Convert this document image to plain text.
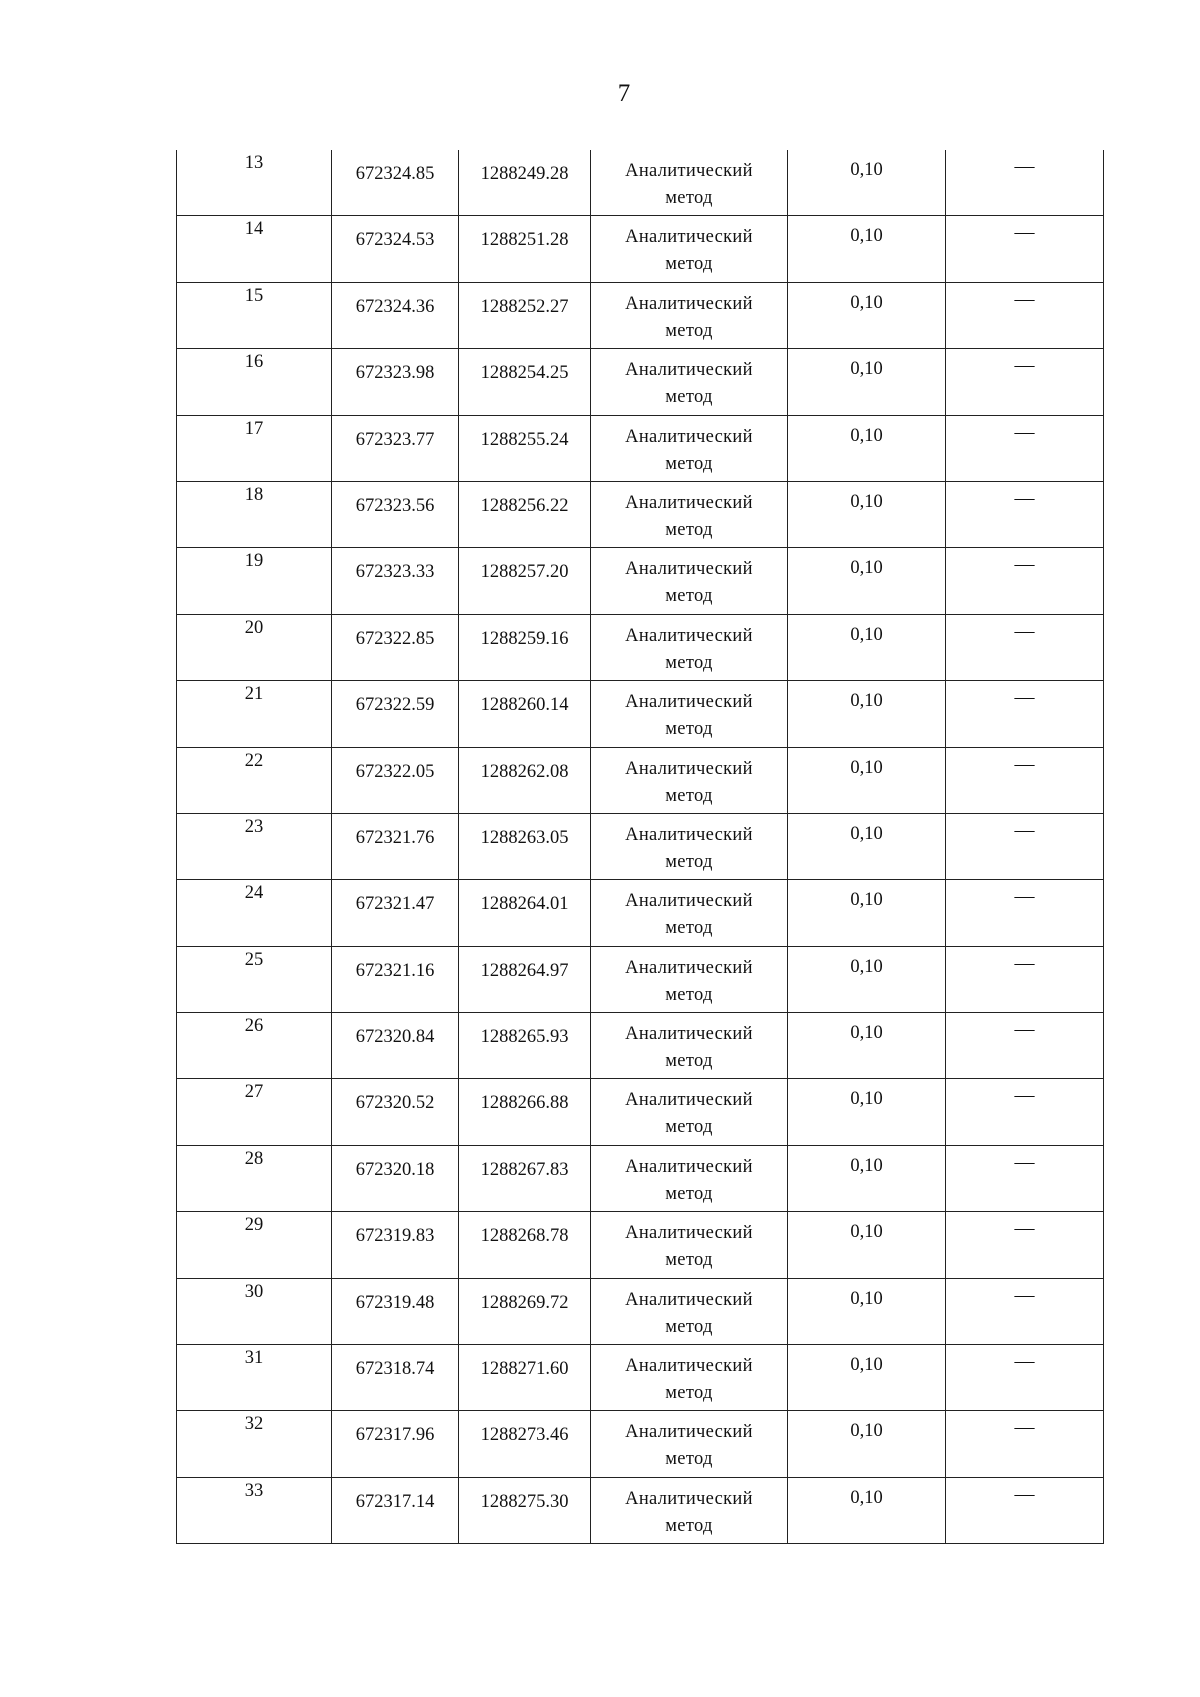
7
13	672324.85	1288249.28	Аналитический
метод	0,10	—

14	672324.53	1288251.28	Аналитический
метод	0,10	—

15	672324.36	1288252.27	Аналитический
метод	0,10	—

16	672323.98	1288254.25	Аналитический
метод	0,10	—

17	672323.77	1288255.24	Аналитический
метод	0,10	—

18	672323.56	1288256.22	Аналитический
метод	0,10	—

19	672323.33	1288257.20	Аналитический
метод	0,10	—

20	672322.85	1288259.16	Аналитический
метод	0,10	—

21	672322.59	1288260.14	Аналитический
метод	0,10	—

22	672322.05	1288262.08	Аналитический
метод	0,10	—

23	672321.76	1288263.05	Аналитический
метод	0,10	—

24	672321.47	1288264.01	Аналитический
метод	0,10	—

25	672321.16	1288264.97	Аналитический
метод	0,10	—

26	672320.84	1288265.93	Аналитический
метод	0,10	—

27	672320.52	1288266.88	Аналитический
метод	0,10	—

28	672320.18	1288267.83	Аналитический
метод	0,10	—

29	672319.83	1288268.78	Аналитический
метод	0,10	—

30	672319.48	1288269.72	Аналитический
метод	0,10	—

31	672318.74	1288271.60	Аналитический
метод	0,10	—

32	672317.96	1288273.46	Аналитический
метод	0,10	—

33	672317.14	1288275.30	Аналитический
метод	0,10	—
